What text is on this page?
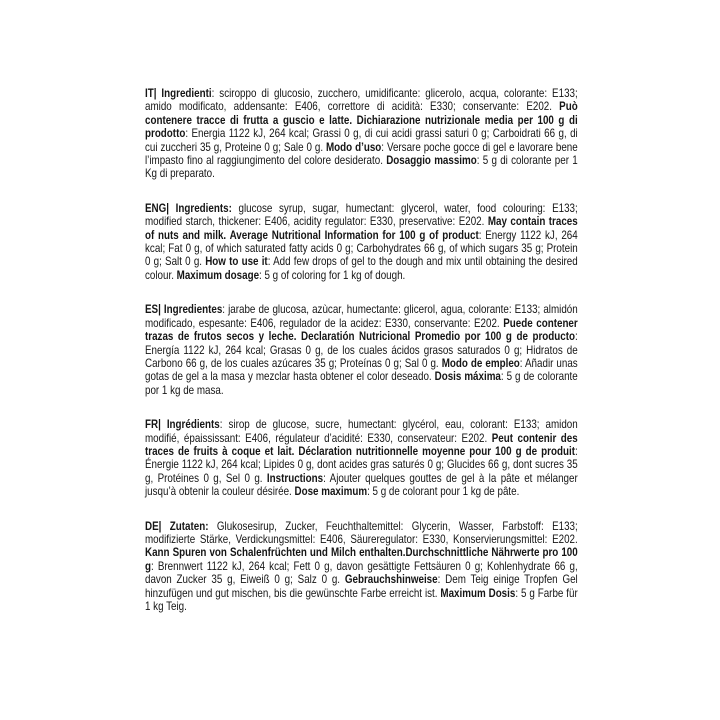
IT| Ingredienti: sciroppo di glucosio, zucchero, umidificante: glicerolo, acqua, colorante: E133; amido modificato, addensante: E406, correttore di acidità: E330; conservante: E202. Può contenere tracce di frutta a guscio e latte. Dichiarazione nutrizionale media per 100 g di prodotto: Energia 1122 kJ, 264 kcal; Grassi 0 g, di cui acidi grassi saturi 0 g; Carboidrati 66 g, di cui zuccheri 35 g, Proteine 0 g; Sale 0 g. Modo d’uso: Versare poche gocce di gel e lavorare bene l’impasto fino al raggiungimento del colore desiderato. Dosaggio massimo: 5 g di colorante per 1 Kg di preparato.

ENG| Ingredients: glucose syrup, sugar, humectant: glycerol, water, food colouring: E133; modified starch, thickener: E406, acidity regulator: E330, preservative: E202. May contain traces of nuts and milk. Average Nutritional Information for 100 g of product: Energy 1122 kJ, 264 kcal; Fat 0 g, of which saturated fatty acids 0 g; Carbohydrates 66 g, of which sugars 35 g; Protein 0 g; Salt 0 g. How to use it: Add few drops of gel to the dough and mix until obtaining the desired colour. Maximum dosage: 5 g of coloring for 1 kg of dough.

ES| Ingredientes: jarabe de glucosa, azùcar, humectante: glicerol, agua, colorante: E133; almidón modificado, espesante: E406, regulador de la acidez: E330, conservante: E202. Puede contener trazas de frutos secos y leche. Declaratión Nutricional Promedio por 100 g de producto: Energía 1122 kJ, 264 kcal; Grasas 0 g, de los cuales ácidos grasos saturados 0 g; Hidratos de Carbono 66 g, de los cuales azúcares 35 g; Proteínas 0 g; Sal 0 g. Modo de empleo: Añadir unas gotas de gel a la masa y mezclar hasta obtener el color deseado. Dosis máxima: 5 g de colorante por 1 kg de masa.

FR| Ingrédients: sirop de glucose, sucre, humectant: glycérol, eau, colorant: E133; amidon modifié, épaississant: E406, régulateur d’acidité: E330, conservateur: E202. Peut contenir des traces de fruits à coque et lait. Déclaration nutritionnelle moyenne pour 100 g de produit: Énergie 1122 kJ, 264 kcal; Lipides 0 g, dont acides gras saturés 0 g; Glucides 66 g, dont sucres 35 g, Protéines 0 g, Sel 0 g. Instructions: Ajouter quelques gouttes de gel à la pâte et mélanger jusqu’à obtenir la couleur désirée. Dose maximum: 5 g de colorant pour 1 kg de pâte.

DE| Zutaten: Glukosesirup, Zucker, Feuchthaltemittel: Glycerin, Wasser, Farbstoff: E133; modifizierte Stärke, Verdickungsmittel: E406, Säureregulator: E330, Konservierungsmittel: E202. Kann Spuren von Schalenfrüchten und Milch enthalten.Durchschnittliche Nährwerte pro 100 g: Brennwert 1122 kJ, 264 kcal; Fett 0 g, davon gesättigte Fettsäuren 0 g; Kohlenhydrate 66 g, davon Zucker 35 g, Eiweiß 0 g; Salz 0 g. Gebrauchshinweise: Dem Teig einige Tropfen Gel hinzufügen und gut mischen, bis die gewünschte Farbe erreicht ist. Maximum Dosis: 5 g Farbe für 1 kg Teig.
